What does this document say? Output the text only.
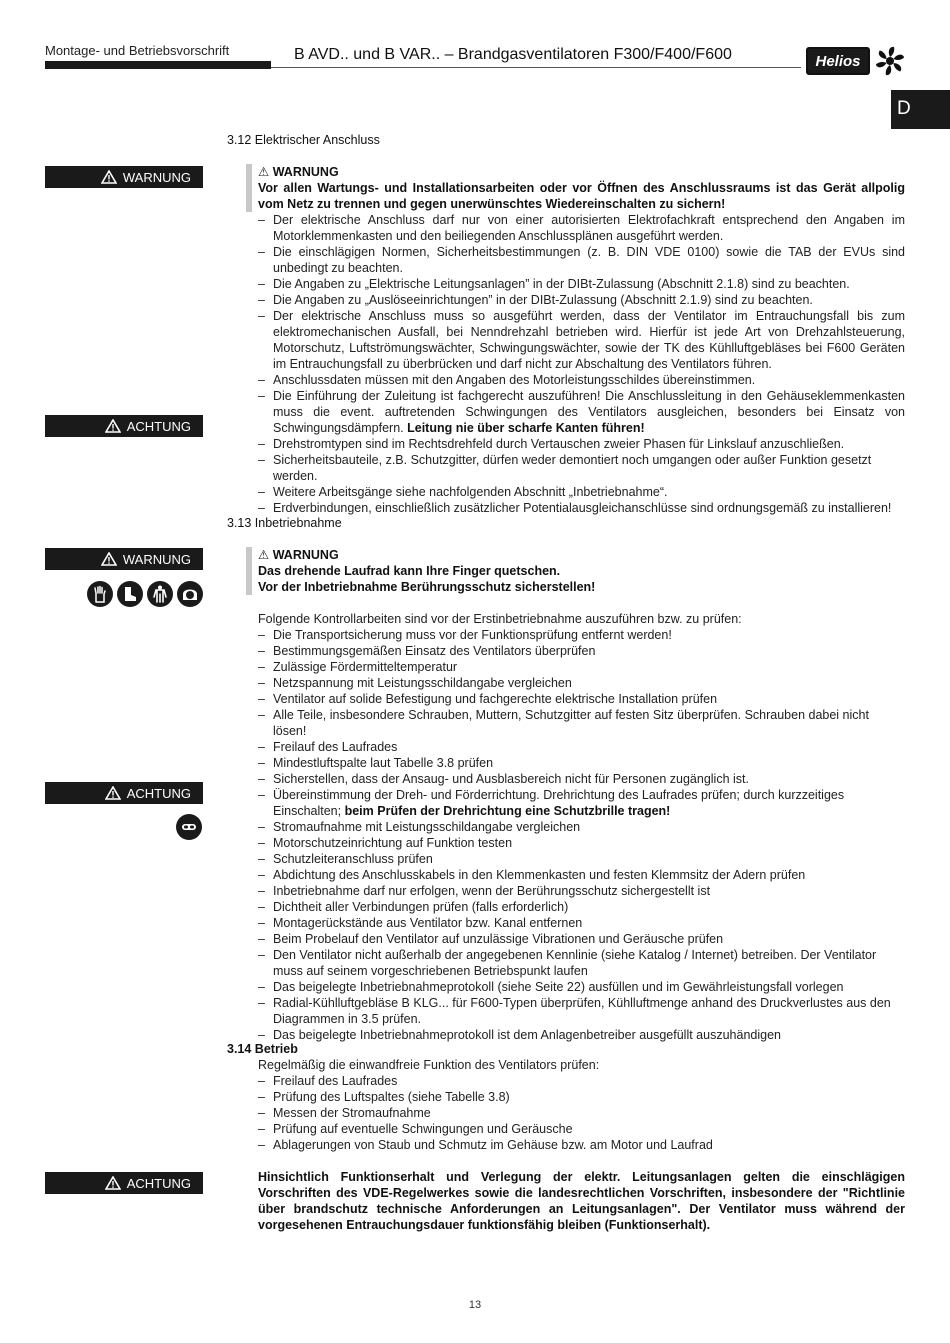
Montage- und Betriebsvorschrift	B AVD.. und B VAR.. – Brandgasventilatoren F300/F400/F600	Helios
D
WARNUNG
ACHTUNG
WARNUNG
ACHTUNG
ACHTUNG
3.12 Elektrischer Anschluss

⚠ WARNUNG

Vor allen Wartungs- und Installationsarbeiten oder vor Öffnen des Anschlussraums ist das Gerät allpolig vom Netz zu trennen und gegen unerwünschtes Wiedereinschalten zu sichern!

– Der elektrische Anschluss darf nur von einer autorisierten Elektrofachkraft entsprechend den Angaben im Motorklemmenkasten und den beiliegenden Anschlussplänen ausgeführt werden.
– Die einschlägigen Normen, Sicherheitsbestimmungen (z. B. DIN VDE 0100) sowie die TAB der EVUs sind unbedingt zu beachten.
– Die Angaben zu „Elektrische Leitungsanlagen” in der DIBt-Zulassung (Abschnitt 2.1.8) sind zu beachten.
– Die Angaben zu „Auslöseeinrichtungen” in der DIBt-Zulassung (Abschnitt 2.1.9) sind zu beachten.
– Der elektrische Anschluss muss so ausgeführt werden, dass der Ventilator im Entrauchungsfall bis zum elektromechanischen Ausfall, bei Nenndrehzahl betrieben wird. Hierfür ist jede Art von Drehzahlsteuerung, Motorschutz, Luftströmungswächter, Schwingungswächter, sowie der TK des Kühlluftgebläses bei F600 Geräten im Entrauchungsfall zu überbrücken und darf nicht zur Abschaltung des Ventilators führen.
– Anschlussdaten müssen mit den Angaben des Motorleistungsschildes übereinstimmen.
– Die Einführung der Zuleitung ist fachgerecht auszuführen! Die Anschlussleitung in den Gehäuseklemmenkasten muss die event. auftretenden Schwingungen des Ventilators ausgleichen, besonders bei Einsatz von Schwingungsdämpfern. Leitung nie über scharfe Kanten führen!
– Drehstromtypen sind im Rechtsdrehfeld durch Vertauschen zweier Phasen für Linkslauf anzuschließen.
– Sicherheitsbauteile, z.B. Schutzgitter, dürfen weder demontiert noch umgangen oder außer Funktion gesetzt werden.
– Weitere Arbeitsgänge siehe nachfolgenden Abschnitt „Inbetriebnahme“.
– Erdverbindungen, einschließlich zusätzlicher Potentialausgleichanschlüsse sind ordnungsgemäß zu installieren!
3.13 Inbetriebnahme

⚠ WARNUNG

Das drehende Laufrad kann Ihre Finger quetschen.

Vor der Inbetriebnahme Berührungsschutz sicherstellen!

Folgende Kontrollarbeiten sind vor der Erstinbetriebnahme auszuführen bzw. zu prüfen:

– Die Transportsicherung muss vor der Funktionsprüfung entfernt werden!
– Bestimmungsgemäßen Einsatz des Ventilators überprüfen
– Zulässige Fördermitteltemperatur
– Netzspannung mit Leistungsschildangabe vergleichen
– Ventilator auf solide Befestigung und fachgerechte elektrische Installation prüfen
– Alle Teile, insbesondere Schrauben, Muttern, Schutzgitter auf festen Sitz überprüfen. Schrauben dabei nicht lösen!
– Freilauf des Laufrades
– Mindestluftspalte laut Tabelle 3.8 prüfen
– Sicherstellen, dass der Ansaug- und Ausblasbereich nicht für Personen zugänglich ist.
– Übereinstimmung der Dreh- und Förderrichtung. Drehrichtung des Laufrades prüfen; durch kurzzeitiges Einschalten; beim Prüfen der Drehrichtung eine Schutzbrille tragen!
– Stromaufnahme mit Leistungsschildangabe vergleichen
– Motorschutzeinrichtung auf Funktion testen
– Schutzleiteranschluss prüfen
– Abdichtung des Anschlusskabels in den Klemmenkasten und festen Klemmsitz der Adern prüfen
– Inbetriebnahme darf nur erfolgen, wenn der Berührungsschutz sichergestellt ist
– Dichtheit aller Verbindungen prüfen (falls erforderlich)
– Montagerückstände aus Ventilator bzw. Kanal entfernen
– Beim Probelauf den Ventilator auf unzulässige Vibrationen und Geräusche prüfen
– Den Ventilator nicht außerhalb der angegebenen Kennlinie (siehe Katalog / Internet) betreiben. Der Ventilator muss auf seinem vorgeschriebenen Betriebspunkt laufen
– Das beigelegte Inbetriebnahmeprotokoll (siehe Seite 22) ausfüllen und im Gewährleistungsfall vorlegen
– Radial-Kühlluftgebläse B KLG... für F600-Typen überprüfen, Kühlluftmenge anhand des Druckverlustes aus den Diagrammen in 3.5 prüfen.
– Das beigelegte Inbetriebnahmeprotokoll ist dem Anlagenbetreiber ausgefüllt auszuhändigen
3.14 Betrieb

Regelmäßig die einwandfreie Funktion des Ventilators prüfen:

– Freilauf des Laufrades
– Prüfung des Luftspaltes (siehe Tabelle 3.8)
– Messen der Stromaufnahme
– Prüfung auf eventuelle Schwingungen und Geräusche
– Ablagerungen von Staub und Schmutz im Gehäuse bzw. am Motor und Laufrad
Hinsichtlich Funktionserhalt und Verlegung der elektr. Leitungsanlagen gelten die einschlägigen Vorschriften des VDE-Regelwerkes sowie die landesrechtlichen Vorschriften, insbesondere der "Richtlinie über brandschutz technische Anforderungen an Leitungsanlagen". Der Ventilator muss während der vorgesehenen Entrauchungsdauer funktionsfähig bleiben (Funktionserhalt).
13
